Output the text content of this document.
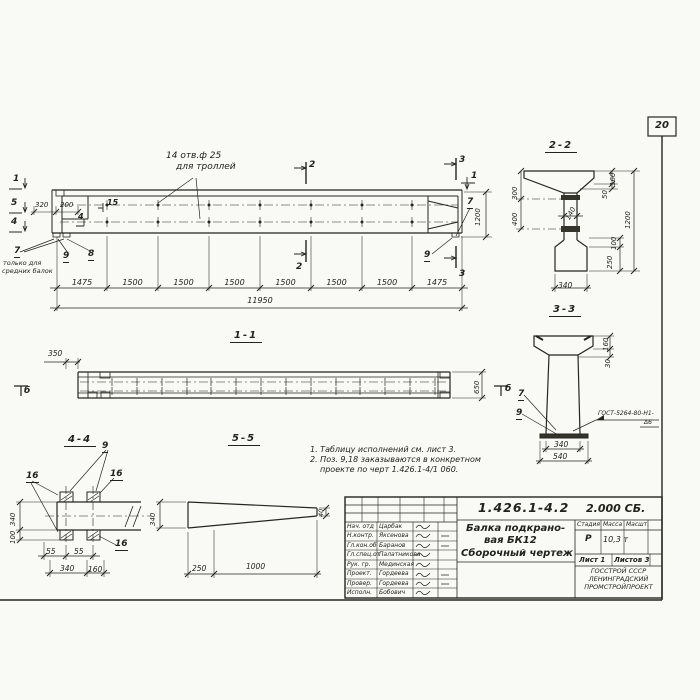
20
14 отв.ф 25
для троллей
1
5
4
320 200	15
4
7
только для
средних балок
9 8
2
2
3
3
1
7
9
1200
1475	1500	1500	1500	1500	1500	1500	1475
11950
2-2
300
400
160
50
1200
100
250
140
340
3-3
160
30
7
9	ГОСТ-5264-80-Н1-
Δ6
340
540
1-1
350
650
б	б
4-4
9
16	16
16
340
100
55 55
340 160
5-5
340	40
250	1000
1. Таблицу исполнений см. лист 3.
2. Поз. 9,18 заказываются в конкретном
проекте по черт 1.426.1-4/1 060.
1.426.1-4.2 2.000 СБ.
Нач. отд Царбак
Н.контр. Яксенова
Гл.кон.об Баранов
Гл.спец.от
Палатникова
Рук. гр. Мединская
Проект. Гордеева
Провер. Гордеева
Исполн. Бобович
Балка подкрано-
вая БК12
Сборочный чертеж
Стадия Масса Масшт.
Р 10,3 т
Лист 1 Листов 3
ГОССТРОЙ СССР
ЛЕНИНГРАДСКИЙ
ПРОМСТРОЙПРОЕКТ
